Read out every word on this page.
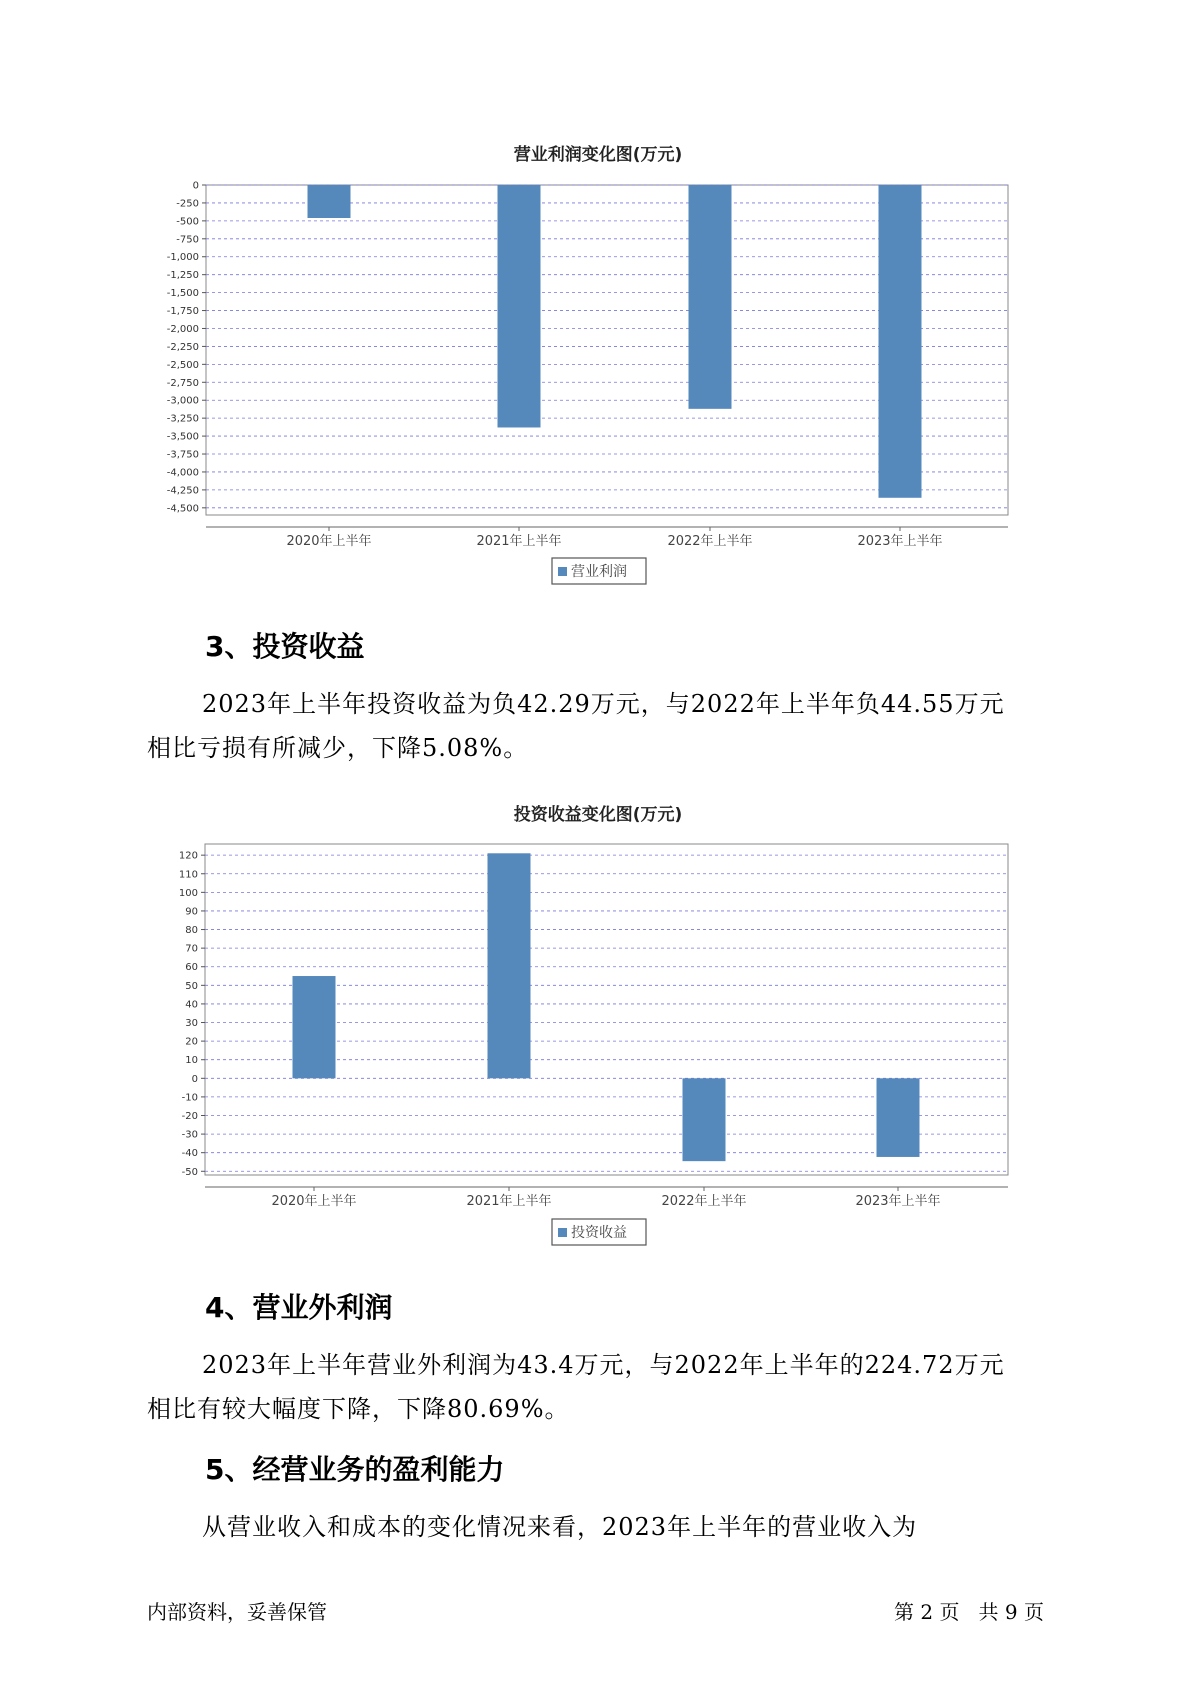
营业利润变化图(万元)
0
-250
-500
-750
-1,000
-1,250
-1,500
-1,750
-2,000
-2,250
-2,500
-2,750
-3,000
-3,250
-3,500
-3,750
-4,000
-4,250
-4,500
2020年上半年	2021年上半年	2022年上半年	2023年上半年
营业利润
3、投资收益

2023年上半年投资收益为负42.29万元，与2022年上半年负44.55万元
相比亏损有所减少，下降5.08%。

投资收益变化图(万元)
120
110
100
90
80
70
60
50
40
30
20
10
0
-10
-20
-30
-40
-50
2020年上半年	2021年上半年	2022年上半年	2023年上半年
投资收益
4、营业外利润

2023年上半年营业外利润为43.4万元，与2022年上半年的224.72万元
相比有较大幅度下降，下降80.69%。

5、经营业务的盈利能力

从营业收入和成本的变化情况来看，2023年上半年的营业收入为

内部资料，妥善保管	第 2 页   共 9 页
